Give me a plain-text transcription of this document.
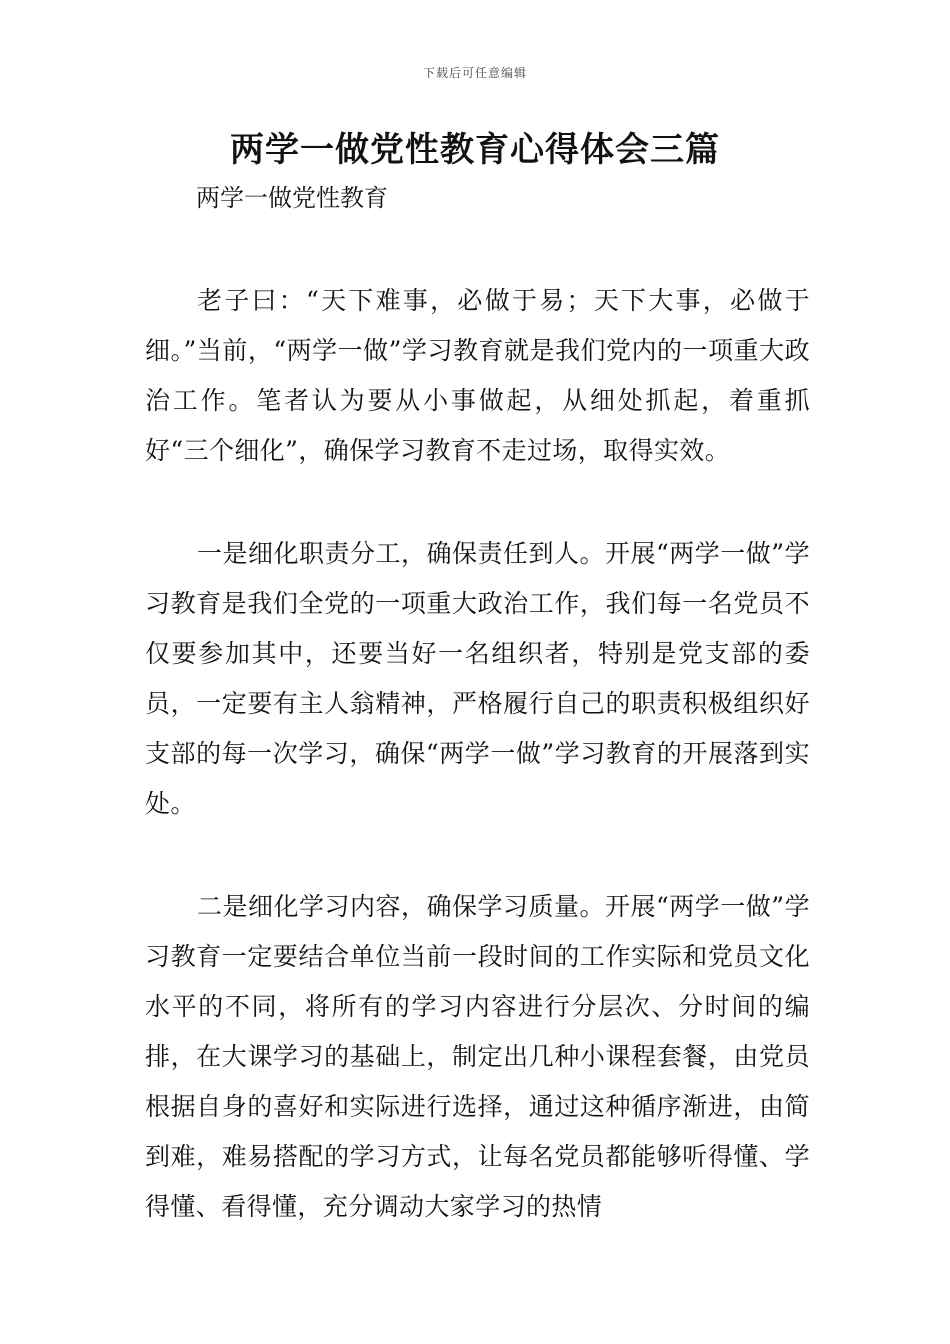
下载后可任意编辑
两学一做党性教育心得体会三篇

两学一做党性教育

老子曰：“天下难事，必做于易；天下大事，必做于细。”当前，“两学一做”学习教育就是我们党内的一项重大政治工作。笔者认为要从小事做起，从细处抓起，着重抓好“三个细化”，确保学习教育不走过场，取得实效。

一是细化职责分工，确保责任到人。开展“两学一做”学习教育是我们全党的一项重大政治工作，我们每一名党员不仅要参加其中，还要当好一名组织者，特别是党支部的委员，一定要有主人翁精神，严格履行自己的职责积极组织好支部的每一次学习，确保“两学一做”学习教育的开展落到实处。

二是细化学习内容，确保学习质量。开展“两学一做”学习教育一定要结合单位当前一段时间的工作实际和党员文化水平的不同，将所有的学习内容进行分层次、分时间的编排，在大课学习的基础上，制定出几种小课程套餐，由党员根据自身的喜好和实际进行选择，通过这种循序渐进，由简到难，难易搭配的学习方式，让每名党员都能够听得懂、学得懂、看得懂，充分调动大家学习的热情
